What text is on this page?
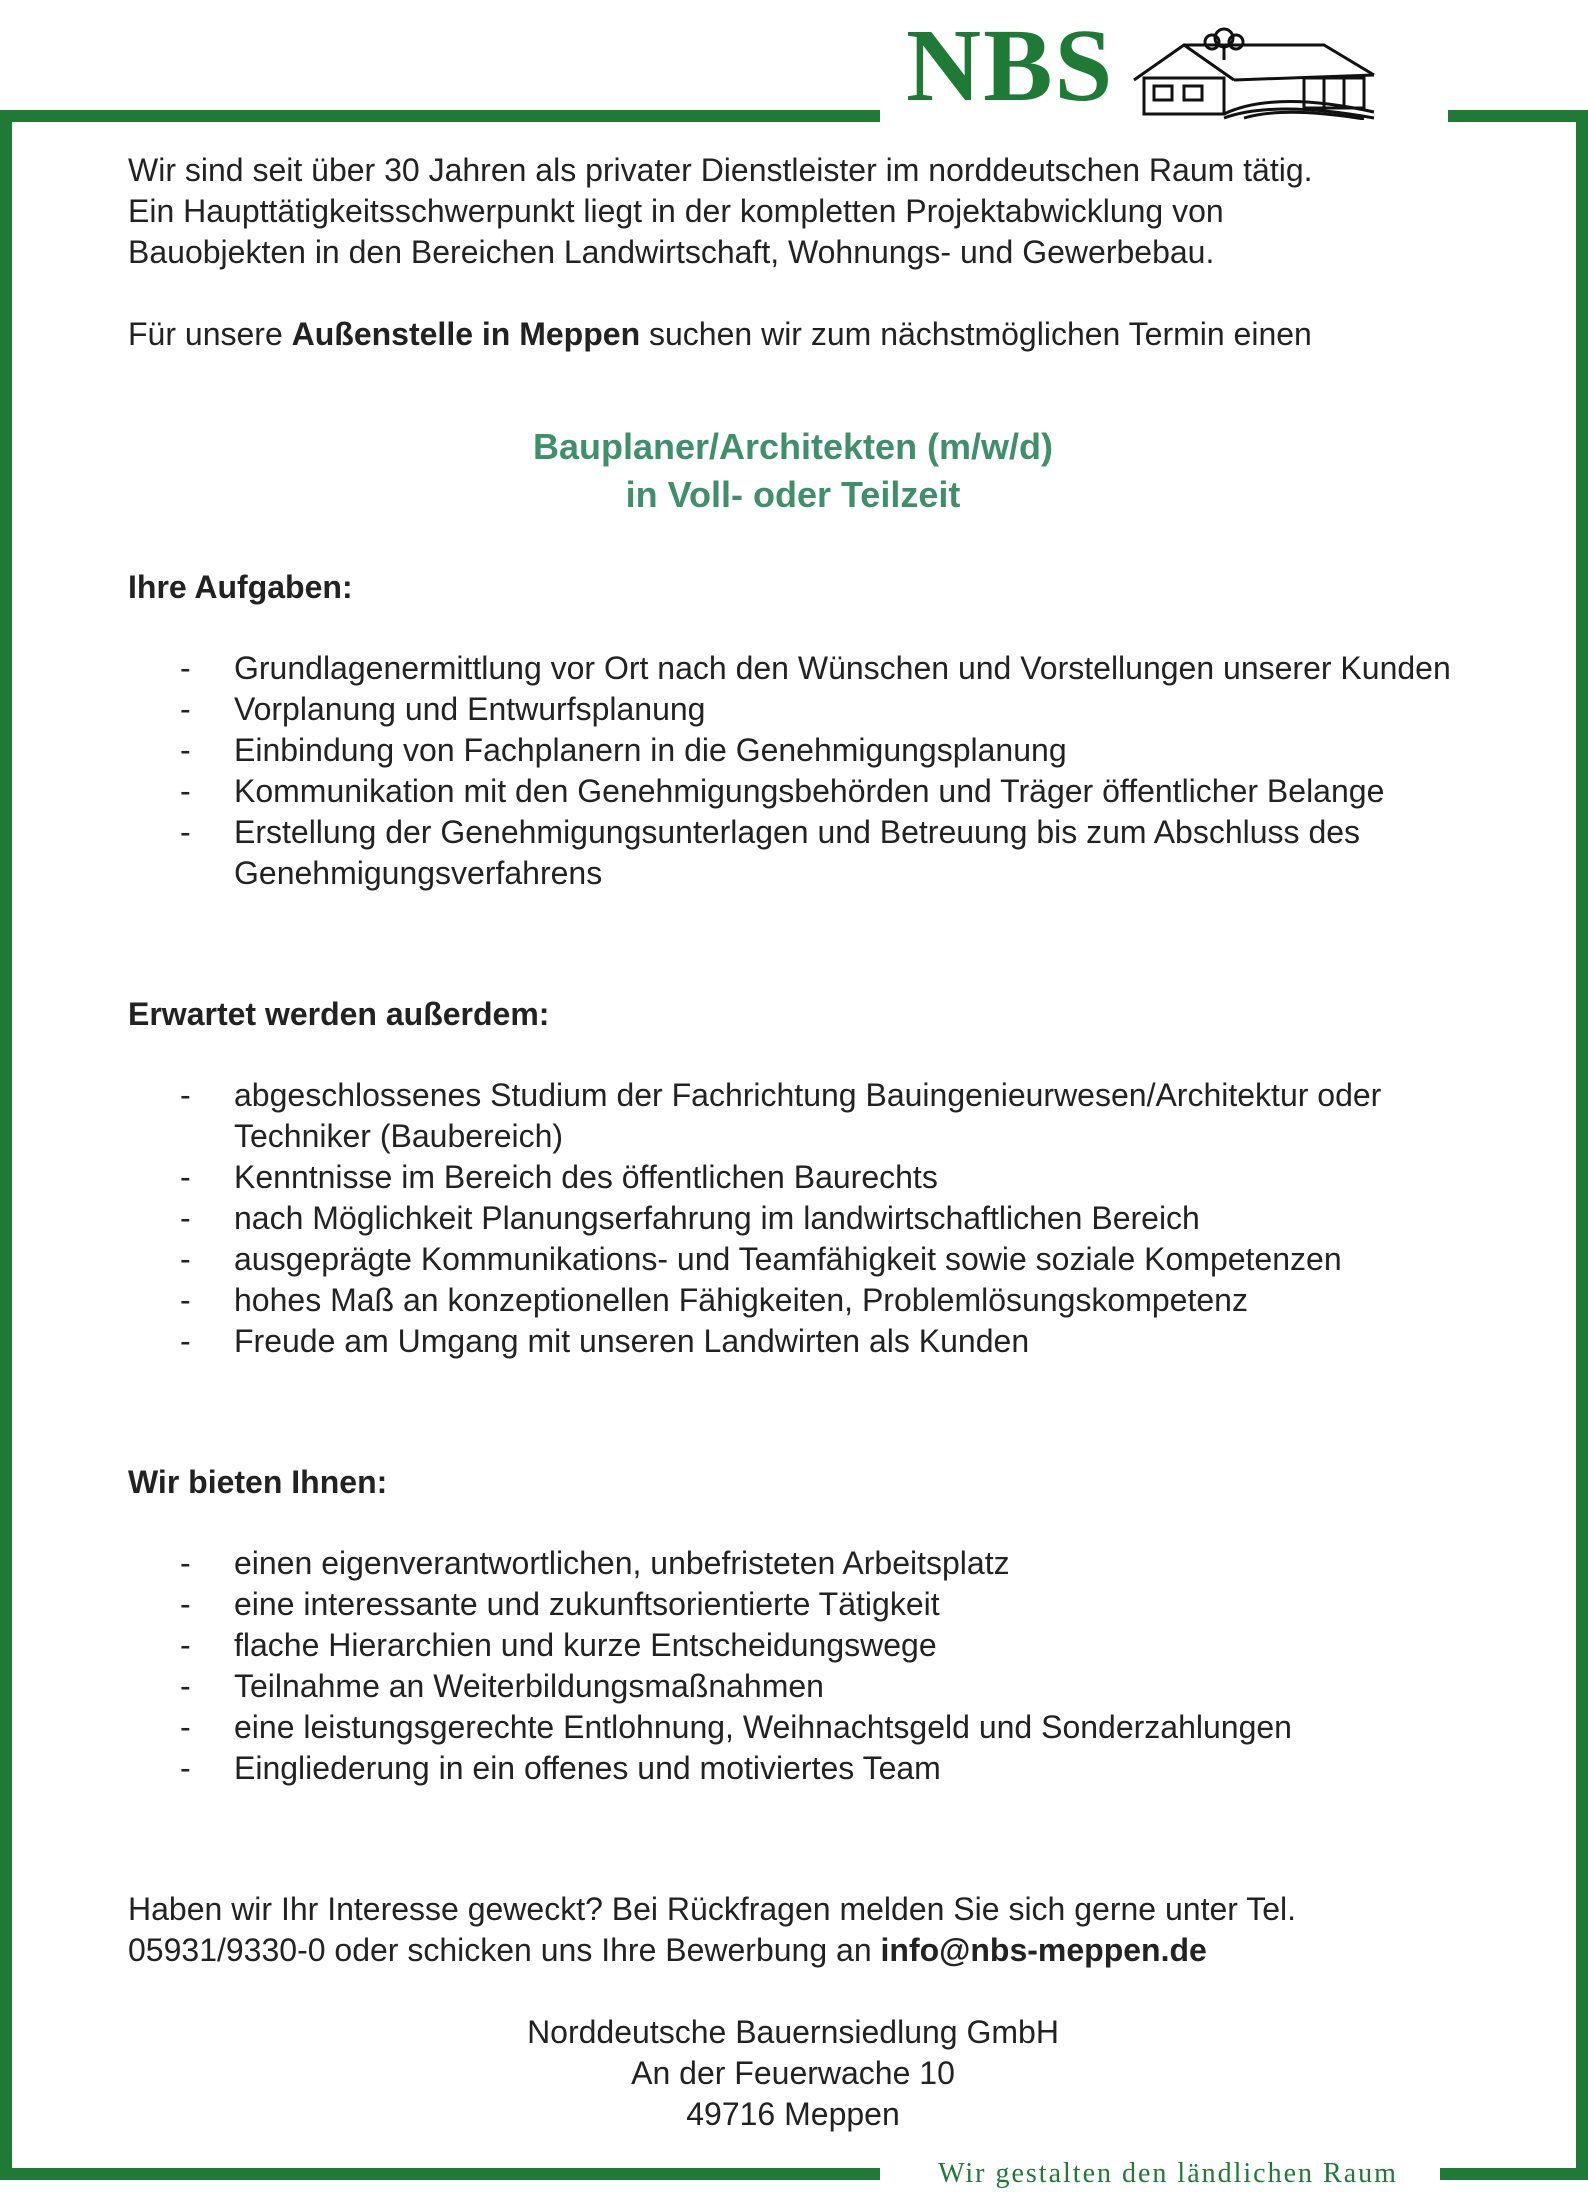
NBS

Wir sind seit über 30 Jahren als privater Dienstleister im norddeutschen Raum tätig.

Ein Haupttätigkeitsschwerpunkt liegt in der kompletten Projektabwicklung von

Bauobjekten in den Bereichen Landwirtschaft, Wohnungs- und Gewerbebau.

Für unsere Außenstelle in Meppen suchen wir zum nächstmöglichen Termin einen

Bauplaner/Architekten (m/w/d)
in Voll- oder Teilzeit
Ihre Aufgaben:
- Grundlagenermittlung vor Ort nach den Wünschen und Vorstellungen unserer Kunden
- Vorplanung und Entwurfsplanung
- Einbindung von Fachplanern in die Genehmigungsplanung
- Kommunikation mit den Genehmigungsbehörden und Träger öffentlicher Belange
- Erstellung der Genehmigungsunterlagen und Betreuung bis zum Abschluss des Genehmigungsverfahrens
Erwartet werden außerdem:
- abgeschlossenes Studium der Fachrichtung Bauingenieurwesen/Architektur oder Techniker (Baubereich)
- Kenntnisse im Bereich des öffentlichen Baurechts
- nach Möglichkeit Planungserfahrung im landwirtschaftlichen Bereich
- ausgeprägte Kommunikations- und Teamfähigkeit sowie soziale Kompetenzen
- hohes Maß an konzeptionellen Fähigkeiten, Problemlösungskompetenz
- Freude am Umgang mit unseren Landwirten als Kunden
Wir bieten Ihnen:
- einen eigenverantwortlichen, unbefristeten Arbeitsplatz
- eine interessante und zukunftsorientierte Tätigkeit
- flache Hierarchien und kurze Entscheidungswege
- Teilnahme an Weiterbildungsmaßnahmen
- eine leistungsgerechte Entlohnung, Weihnachtsgeld und Sonderzahlungen
- Eingliederung in ein offenes und motiviertes Team

Haben wir Ihr Interesse geweckt? Bei Rückfragen melden Sie sich gerne unter Tel.

05931/9330-0 oder schicken uns Ihre Bewerbung an info@nbs-meppen.de

Norddeutsche Bauernsiedlung GmbH
An der Feuerwache 10
49716 Meppen
Wir gestalten den ländlichen Raum
